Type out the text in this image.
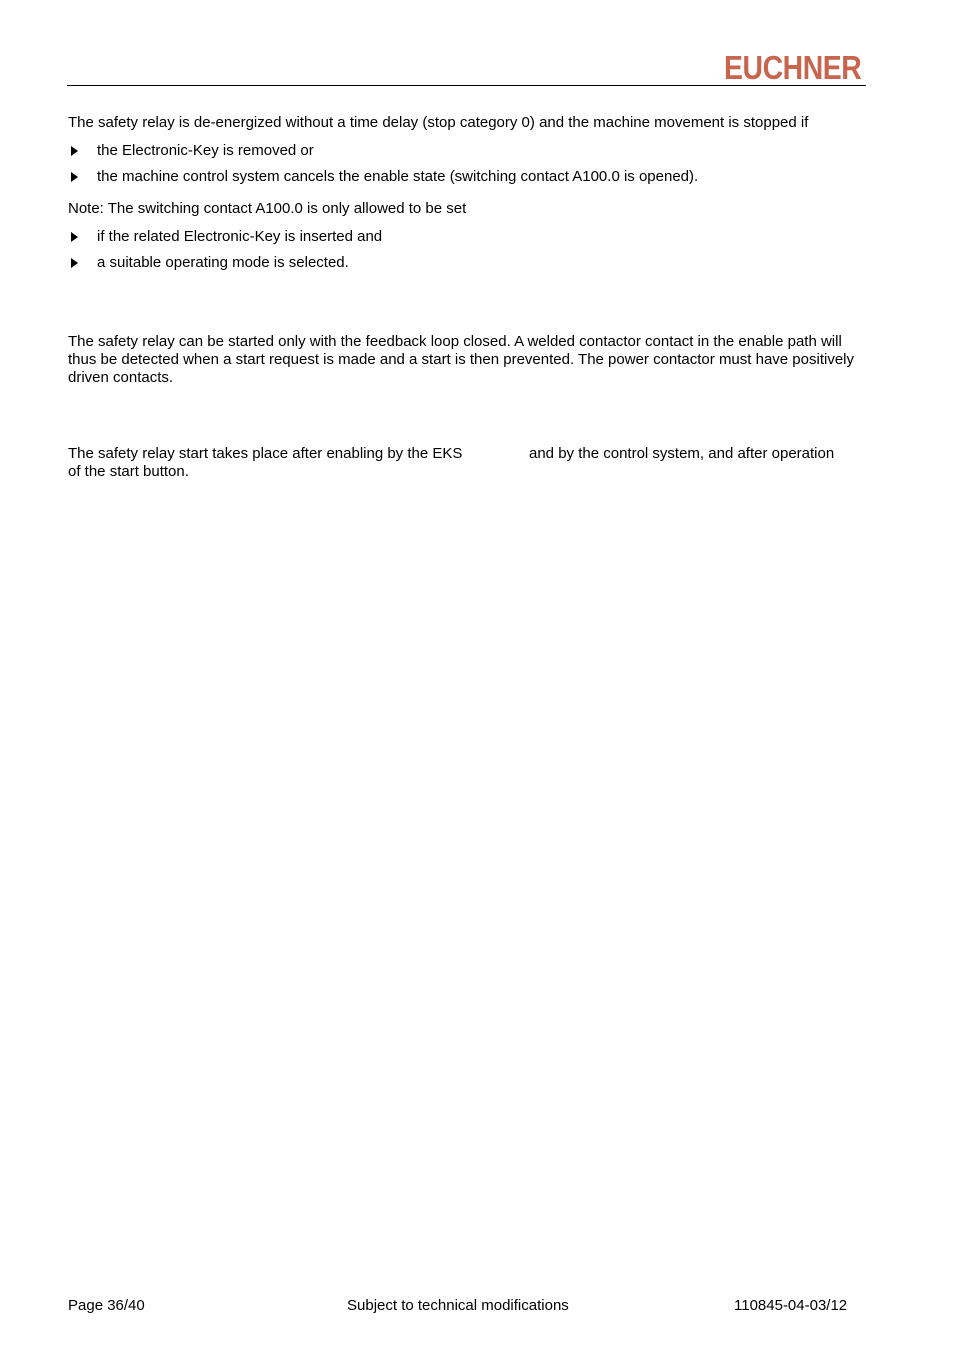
EUCHNER

The safety relay is de-energized without a time delay (stop category 0) and the machine movement is stopped if

the Electronic-Key is removed or
the machine control system cancels the enable state (switching contact A100.0 is opened).

Note: The switching contact A100.0 is only allowed to be set

if the related Electronic-Key is inserted and
a suitable operating mode is selected.

The safety relay can be started only with the feedback loop closed. A welded contactor contact in the enable path will thus be detected when a start request is made and a start is then prevented. The power contactor must have positively driven contacts.

The safety relay start takes place after enabling by the EKS	and by the control system, and after operation
of the start button.
Page 36/40	Subject to technical modifications	110845-04-03/12
